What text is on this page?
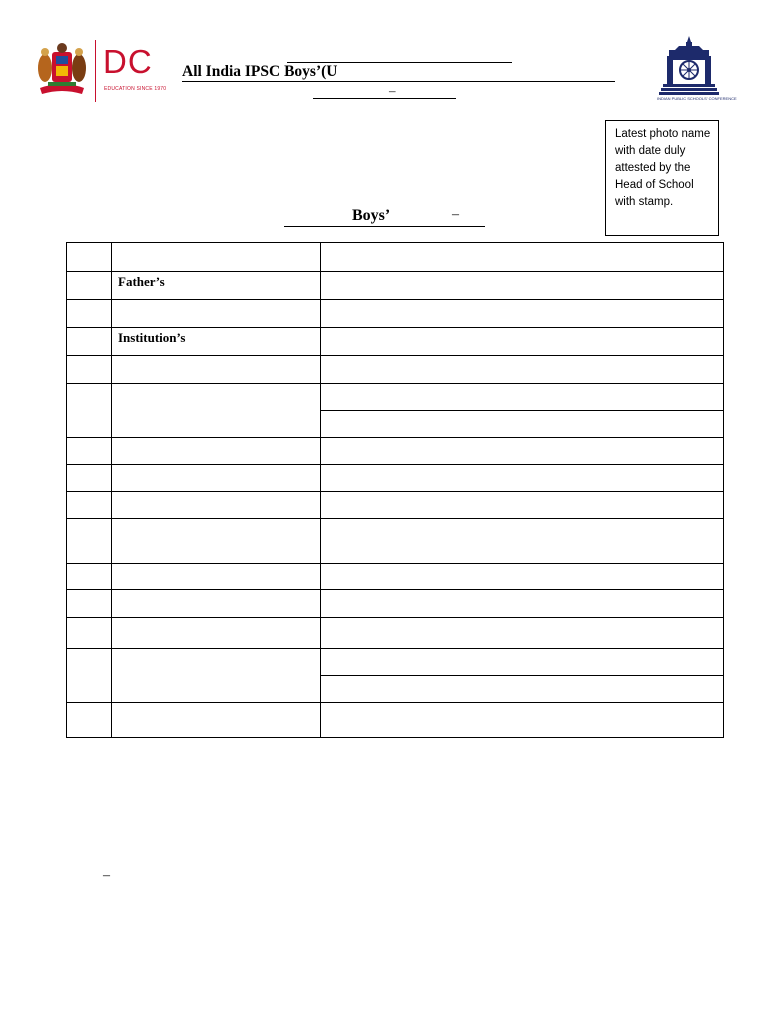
DC
EDUCATION SINCE 1970
INDIAN PUBLIC SCHOOLS' CONFERENCE
All India IPSC Boys’(U
–
Latest photo name with date duly attested by the Head of School with stamp.
Boys’	–

	Father’s	

	Institution’s	

–
